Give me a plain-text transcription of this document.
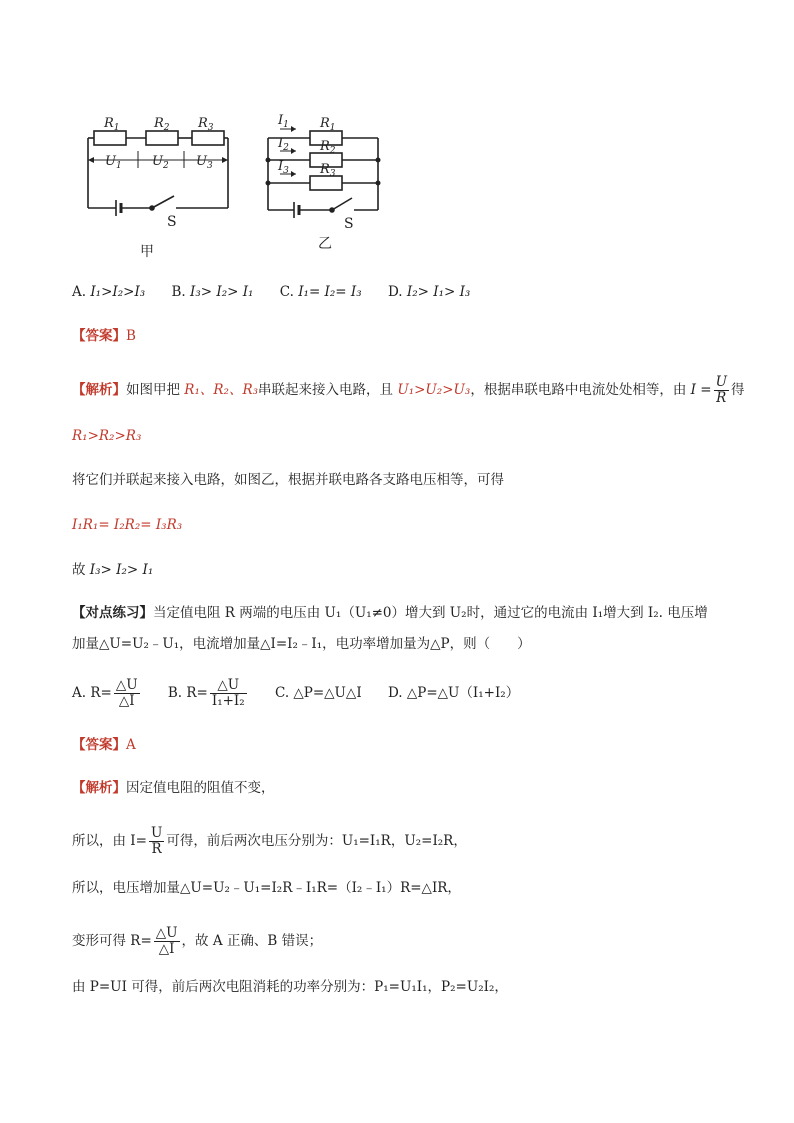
$R_1$	$R_2$ $R_3$
$U_1$ $U_2$ $U_3$
$R_1$
$R_2$
$R_3$
$I_1$
$I_2$
$I_3$
S	S
甲	乙
A. I₁>I₂>I₃ B. I₃> I₂> I₁ C. I₁= I₂= I₃ D. I₂> I₁> I₃
【答案】B
【解析】如图甲把 R₁、R₂、R₃串联起来接入电路，且 U₁>U₂>U₃，根据串联电路中电流处处相等，由 $I = \frac{U}{R}$ 得
R₁>R₂>R₃
将它们并联起来接入电路，如图乙，根据并联电路各支路电压相等，可得
I₁R₁= I₂R₂= I₃R₃
故 I₃> I₂> I₁
【对点练习】当定值电阻 R 两端的电压由 U₁（U₁≠0）增大到 U₂时，通过它的电流由 I₁增大到 I₂. 电压增
加量△U=U₂﹣U₁，电流增加量△I=I₂﹣I₁，电功率增加量为△P，则（　　）
A. $R= \frac{\triangle U}{\triangle I} B$. $R= \frac{\triangle U}{\text{I₁+I₂}} C$. △P=△U△I D. △P=△U（I₁+I₂）
【答案】A
【解析】因定值电阻的阻值不变，
所以，由 $I= \frac{U}{R}$ 可得，前后两次电压分别为：U₁=I₁R，U₂=I₂R，
所以，电压增加量△U=U₂﹣U₁=I₂R﹣I₁R=（I₂﹣I₁）R=△IR，
变形可得 $R= \frac{\triangle U}{\triangle I}$ ，故 A 正确、B 错误；
由 P=UI 可得，前后两次电阻消耗的功率分别为：P₁=U₁I₁，P₂=U₂I₂，
